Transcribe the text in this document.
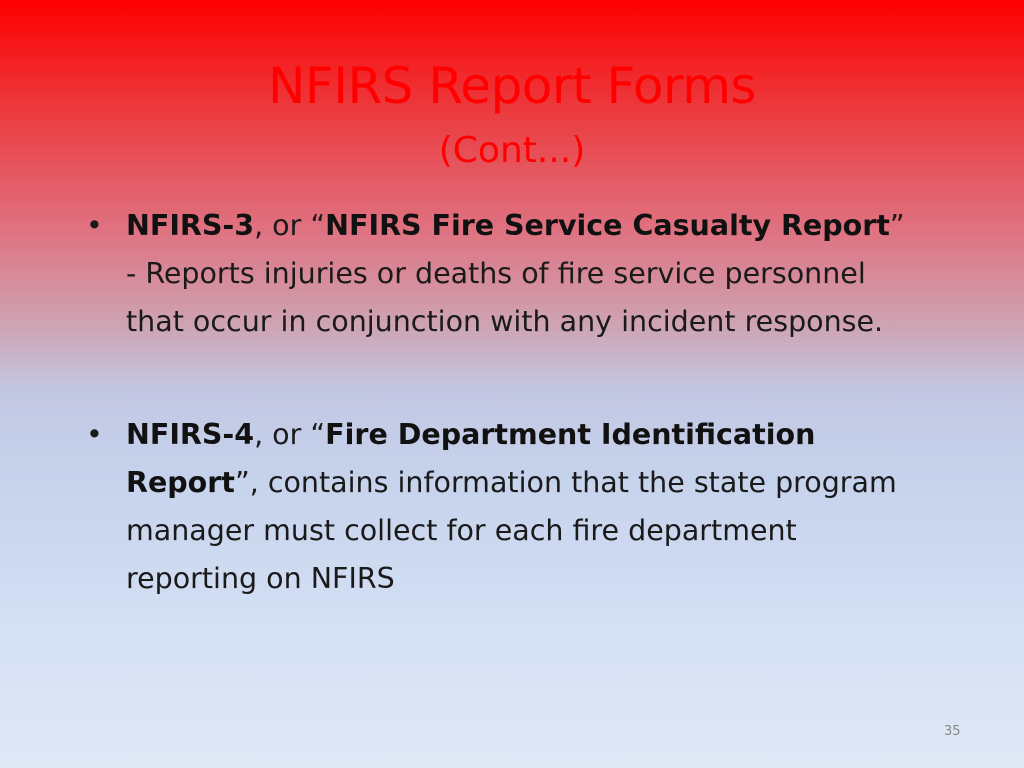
NFIRS Report Forms
(Cont...)
• NFIRS-3, or “NFIRS Fire Service Casualty Report”
- Reports injuries or deaths of fire service personnel that occur in conjunction with any incident response.
• NFIRS-4, or “Fire Department Identification Report”, contains information that the state program manager must collect for each fire department reporting on NFIRS
35
